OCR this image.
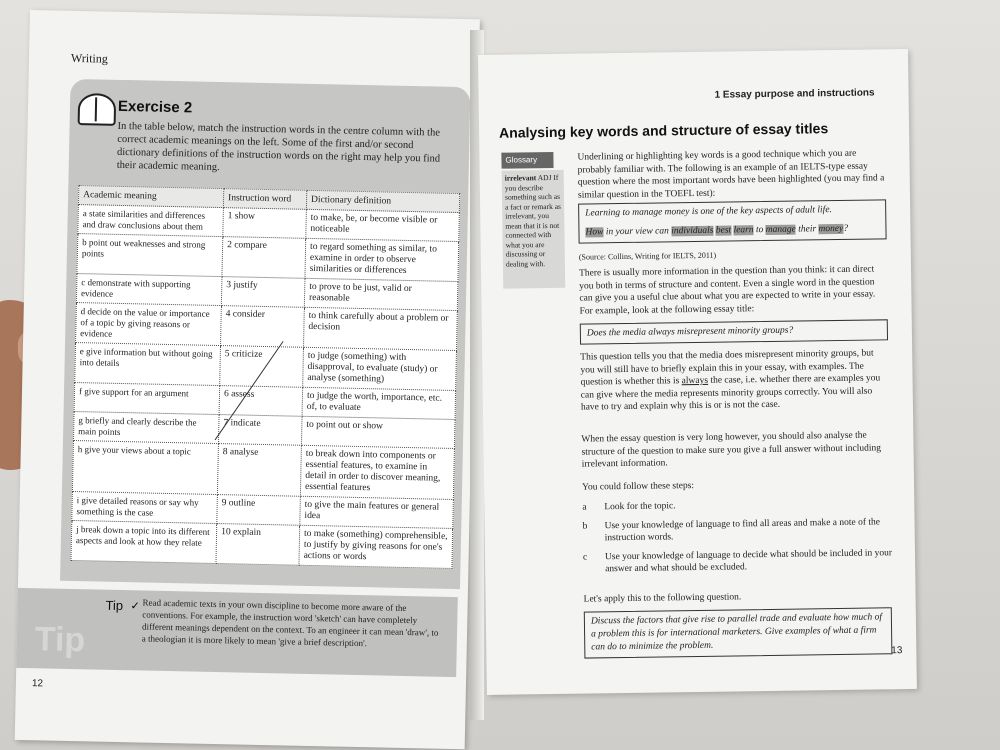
Writing
Exercise 2
In the table below, match the instruction words in the centre column with the correct academic meanings on the left. Some of the first and/or second dictionary definitions of the instruction words on the right may help you find their academic meaning.
Academic meaning	Instruction word	Dictionary definition
a state similarities and differences and draw conclusions about them	1 show	to make, be, or become visible or noticeable
b point out weaknesses and strong points	2 compare	to regard something as similar, to examine in order to observe similarities or differences
c demonstrate with supporting evidence	3 justify	to prove to be just, valid or reasonable
d decide on the value or importance of a topic by giving reasons or evidence	4 consider	to think carefully about a problem or decision
e give information but without going into details	5 criticize	to judge (something) with disapproval, to evaluate (study) or analyse (something)
f give support for an argument	6 assess	to judge the worth, importance, etc. of, to evaluate
g briefly and clearly describe the main points	7 indicate	to point out or show
h give your views about a topic	8 analyse	to break down into components or essential features, to examine in detail in order to discover meaning, essential features
i give detailed reasons or say why something is the case	9 outline	to give the main features or general idea
j break down a topic into its different aspects and look at how they relate	10 explain	to make (something) comprehensible, to justify by giving reasons for one's actions or words
Tip
Tip ✓ Read academic texts in your own discipline to become more aware of the conventions. For example, the instruction word 'sketch' can have completely different meanings dependent on the context. To an engineer it can mean 'draw', to a theologian it is more likely to mean 'give a brief description'.
12
1 Essay purpose and instructions
Analysing key words and structure of essay titles
Glossary
irrelevant ADJ If you describe something such as a fact or remark as irrelevant, you mean that it is not connected with what you are discussing or dealing with.
Underlining or highlighting key words is a good technique which you are probably familiar with. The following is an example of an IELTS-type essay question where the most important words have been highlighted (you may find a similar question in the TOEFL test):
Learning to manage money is one of the key aspects of adult life.
How in your view can individuals best learn to manage their money?
(Source: Collins, Writing for IELTS, 2011)
There is usually more information in the question than you think: it can direct you both in terms of structure and content. Even a single word in the question can give you a useful clue about what you are expected to write in your essay. For example, look at the following essay title:
Does the media always misrepresent minority groups?
This question tells you that the media does misrepresent minority groups, but you will still have to briefly explain this in your essay, with examples. The question is whether this is always the case, i.e. whether there are examples you can give where the media represents minority groups correctly. You will also have to try and explain why this is or is not the case.
When the essay question is very long however, you should also analyse the structure of the question to make sure you give a full answer without including irrelevant information.
You could follow these steps:
a	Look for the topic.
b	Use your knowledge of language to find all areas and make a note of the instruction words.
c	Use your knowledge of language to decide what should be included in your answer and what should be excluded.
Let's apply this to the following question.
Discuss the factors that give rise to parallel trade and evaluate how much of a problem this is for international marketers. Give examples of what a firm can do to minimize the problem.	13
